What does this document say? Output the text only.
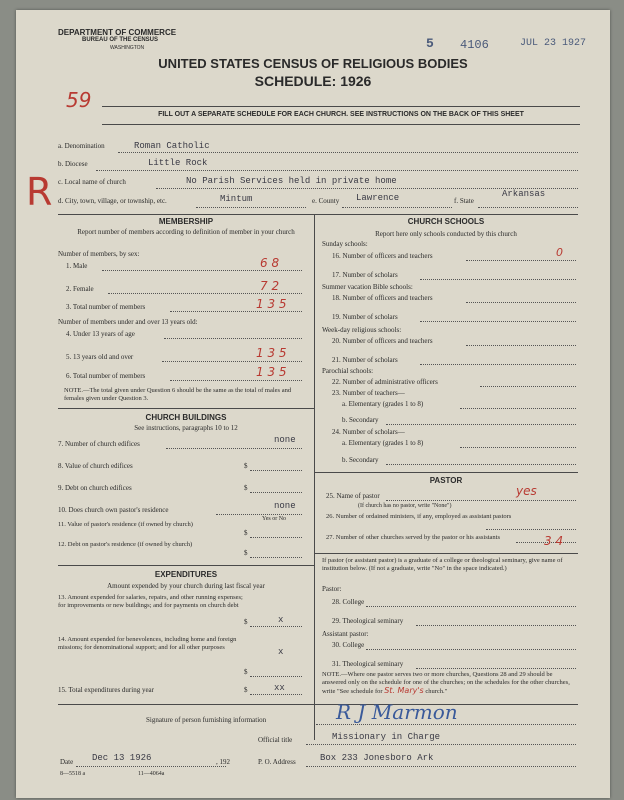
DEPARTMENT OF COMMERCE
BUREAU OF THE CENSUS
WASHINGTON	5 4106	JUL 23 1927
UNITED STATES CENSUS OF RELIGIOUS BODIES
SCHEDULE: 1926
59
FILL OUT A SEPARATE SCHEDULE FOR EACH CHURCH. SEE INSTRUCTIONS ON THE BACK OF THIS SHEET
R
a. Denomination	Roman Catholic
b. Diocese	Little Rock
c. Local name of church	No Parish Services held in private home
d. City, town, village, or township, etc.	Mintum	e. County Lawrence	f. State
Arkansas
MEMBERSHIP
Report number of members according to definition of member in your church
Number of members, by sex:
1. Male	6 8
2. Female	7 2
3. Total number of members	1 3 5
Number of members under and over 13 years old:
4. Under 13 years of age
5. 13 years old and over	1 3 5
6. Total number of members	1 3 5
NOTE.—The total given under Question 6 should be the same as the total of males and females given under Question 3.
CHURCH BUILDINGS
See instructions, paragraphs 10 to 12
7. Number of church edifices	none
8. Value of church edifices	$
9. Debt on church edifices	$
10. Does church own pastor's residence	none
Yes or No
11. Value of pastor's residence (if owned by church)
$
12. Debt on pastor's residence (if owned by church)
$
EXPENDITURES
Amount expended by your church during last fiscal year
13. Amount expended for salaries, repairs, and other running expenses; for improvements or new buildings; and for payments on church debt
$	x
14. Amount expended for benevolences, including home and foreign missions; for denominational support; and for all other purposes
$
x
15. Total expenditures during year	$	xx
CHURCH SCHOOLS
Report here only schools conducted by this church
Sunday schools:
16. Number of officers and teachers	0
17. Number of scholars
Summer vacation Bible schools:
18. Number of officers and teachers
19. Number of scholars
Week-day religious schools:
20. Number of officers and teachers
21. Number of scholars
Parochial schools:
22. Number of administrative officers
23. Number of teachers—
a. Elementary (grades 1 to 8)
b. Secondary
24. Number of scholars—
a. Elementary (grades 1 to 8)
b. Secondary
PASTOR
25. Name of pastor	yes
(If church has no pastor, write "None")
26. Number of ordained ministers, if any, employed as assistant pastors
27. Number of other churches served by the pastor or his assistants	3 4
If pastor (or assistant pastor) is a graduate of a college or theological seminary, give name of institution below. (If not a graduate, write "No" in the space indicated.)
Pastor:
28. College
29. Theological seminary
Assistant pastor:
30. College
31. Theological seminary
NOTE.—Where one pastor serves two or more churches, Questions 28 and 29 should be answered only on the schedule for one of the churches; on the schedules for the other churches, write "See schedule for St. Mary's church."
Signature of person furnishing information	R J Marmon
Official title	Missionary in Charge
Date Dec 13 1926	, 192	P. O. Address	Box 233 Jonesboro Ark
8—5518 a	11—4064a
